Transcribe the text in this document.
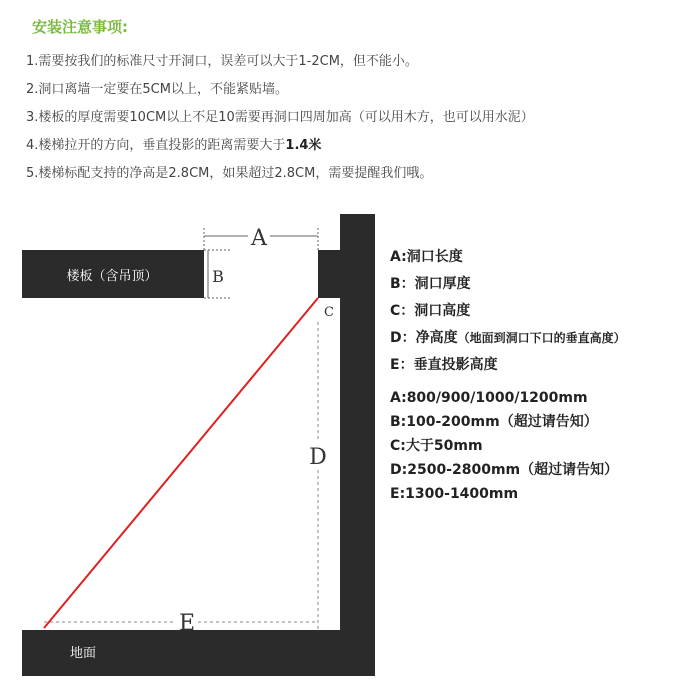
安装注意事项:
1.需要按我们的标准尺寸开洞口，误差可以大于1-2CM，但不能小。
2.洞口离墙一定要在5CM以上，不能紧贴墙。
3.楼板的厚度需要10CM以上不足10需要再洞口四周加高（可以用木方，也可以用水泥）
4.楼梯拉开的方向，垂直投影的距离需要大于1.4米
5.楼梯标配支持的净高是2.8CM，如果超过2.8CM，需要提醒我们哦。
楼板（含吊顶）
地面
A
B
C
D
E
A:洞口长度
B：洞口厚度
C：洞口高度
D：净高度（地面到洞口下口的垂直高度）
E：垂直投影高度
A:800/900/1000/1200mm
B:100-200mm（超过请告知）
C:大于50mm
D:2500-2800mm（超过请告知）
E:1300-1400mm
